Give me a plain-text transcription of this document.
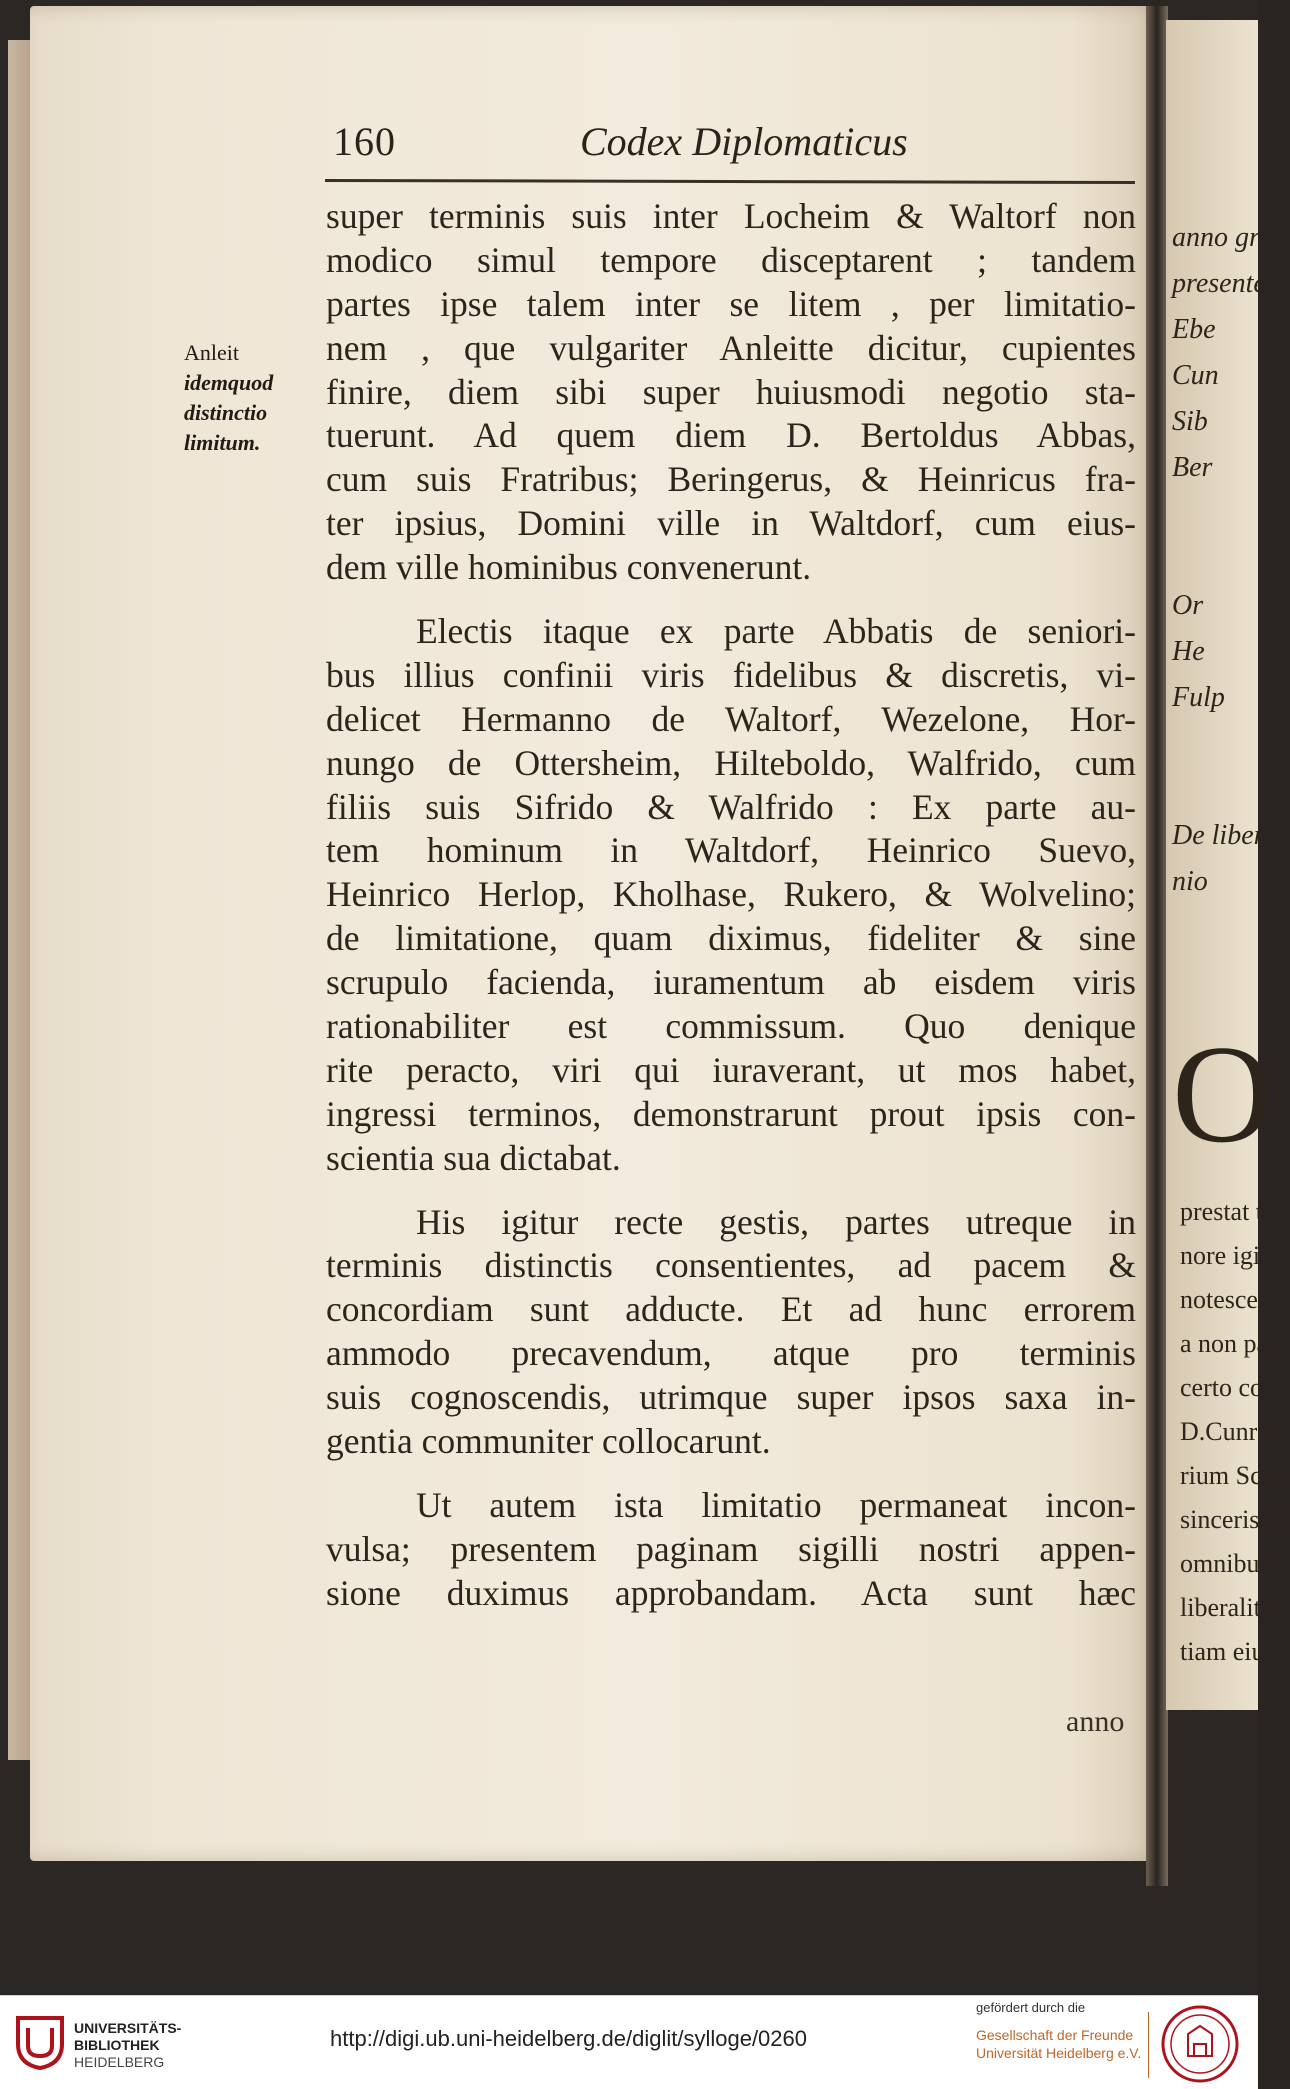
anno gr
presente
Ebe
Cun
Sib
Ber
Or
He
Fulp
De liber
nio
O
prestat t
nore igi
notescer
a non pa
certo co
D.Cunrad
rium Scho
sincerissin
omnibus
liberalitat
tiam eiu
160	Codex Diplomaticus
Anleit
idemquod
distinctio
limitum.
super terminis suis inter Locheim & Waltorf non
modico simul tempore disceptarent ; tandem
partes ipse talem inter se litem , per limitatio-
nem , que vulgariter Anleitte dicitur, cupientes
finire, diem sibi super huiusmodi negotio sta-
tuerunt. Ad quem diem D. Bertoldus Abbas,
cum suis Fratribus; Beringerus, & Heinricus fra-
ter ipsius, Domini ville in Waltdorf, cum eius-
dem ville hominibus convenerunt.
Electis itaque ex parte Abbatis de seniori-
bus illius confinii viris fidelibus & discretis, vi-
delicet Hermanno de Waltorf, Wezelone, Hor-
nungo de Ottersheim, Hilteboldo, Walfrido, cum
filiis suis Sifrido & Walfrido : Ex parte au-
tem hominum in Waltdorf, Heinrico Suevo,
Heinrico Herlop, Kholhase, Rukero, & Wolvelino;
de limitatione, quam diximus, fideliter & sine
scrupulo facienda, iuramentum ab eisdem viris
rationabiliter est commissum. Quo denique
rite peracto, viri qui iuraverant, ut mos habet,
ingressi terminos, demonstrarunt prout ipsis con-
scientia sua dictabat.
His igitur recte gestis, partes utreque in
terminis distinctis consentientes, ad pacem &
concordiam sunt adducte. Et ad hunc errorem
ammodo precavendum, atque pro terminis
suis cognoscendis, utrimque super ipsos saxa in-
gentia communiter collocarunt.
Ut autem ista limitatio permaneat incon-
vulsa; presentem paginam sigilli nostri appen-
sione duximus approbandam. Acta sunt hæc
anno
UNIVERSITÄTS-
BIBLIOTHEK
HEIDELBERG
http://digi.ub.uni-heidelberg.de/diglit/sylloge/0260
gefördert durch die
Gesellschaft der Freunde
Universität Heidelberg e.V.
